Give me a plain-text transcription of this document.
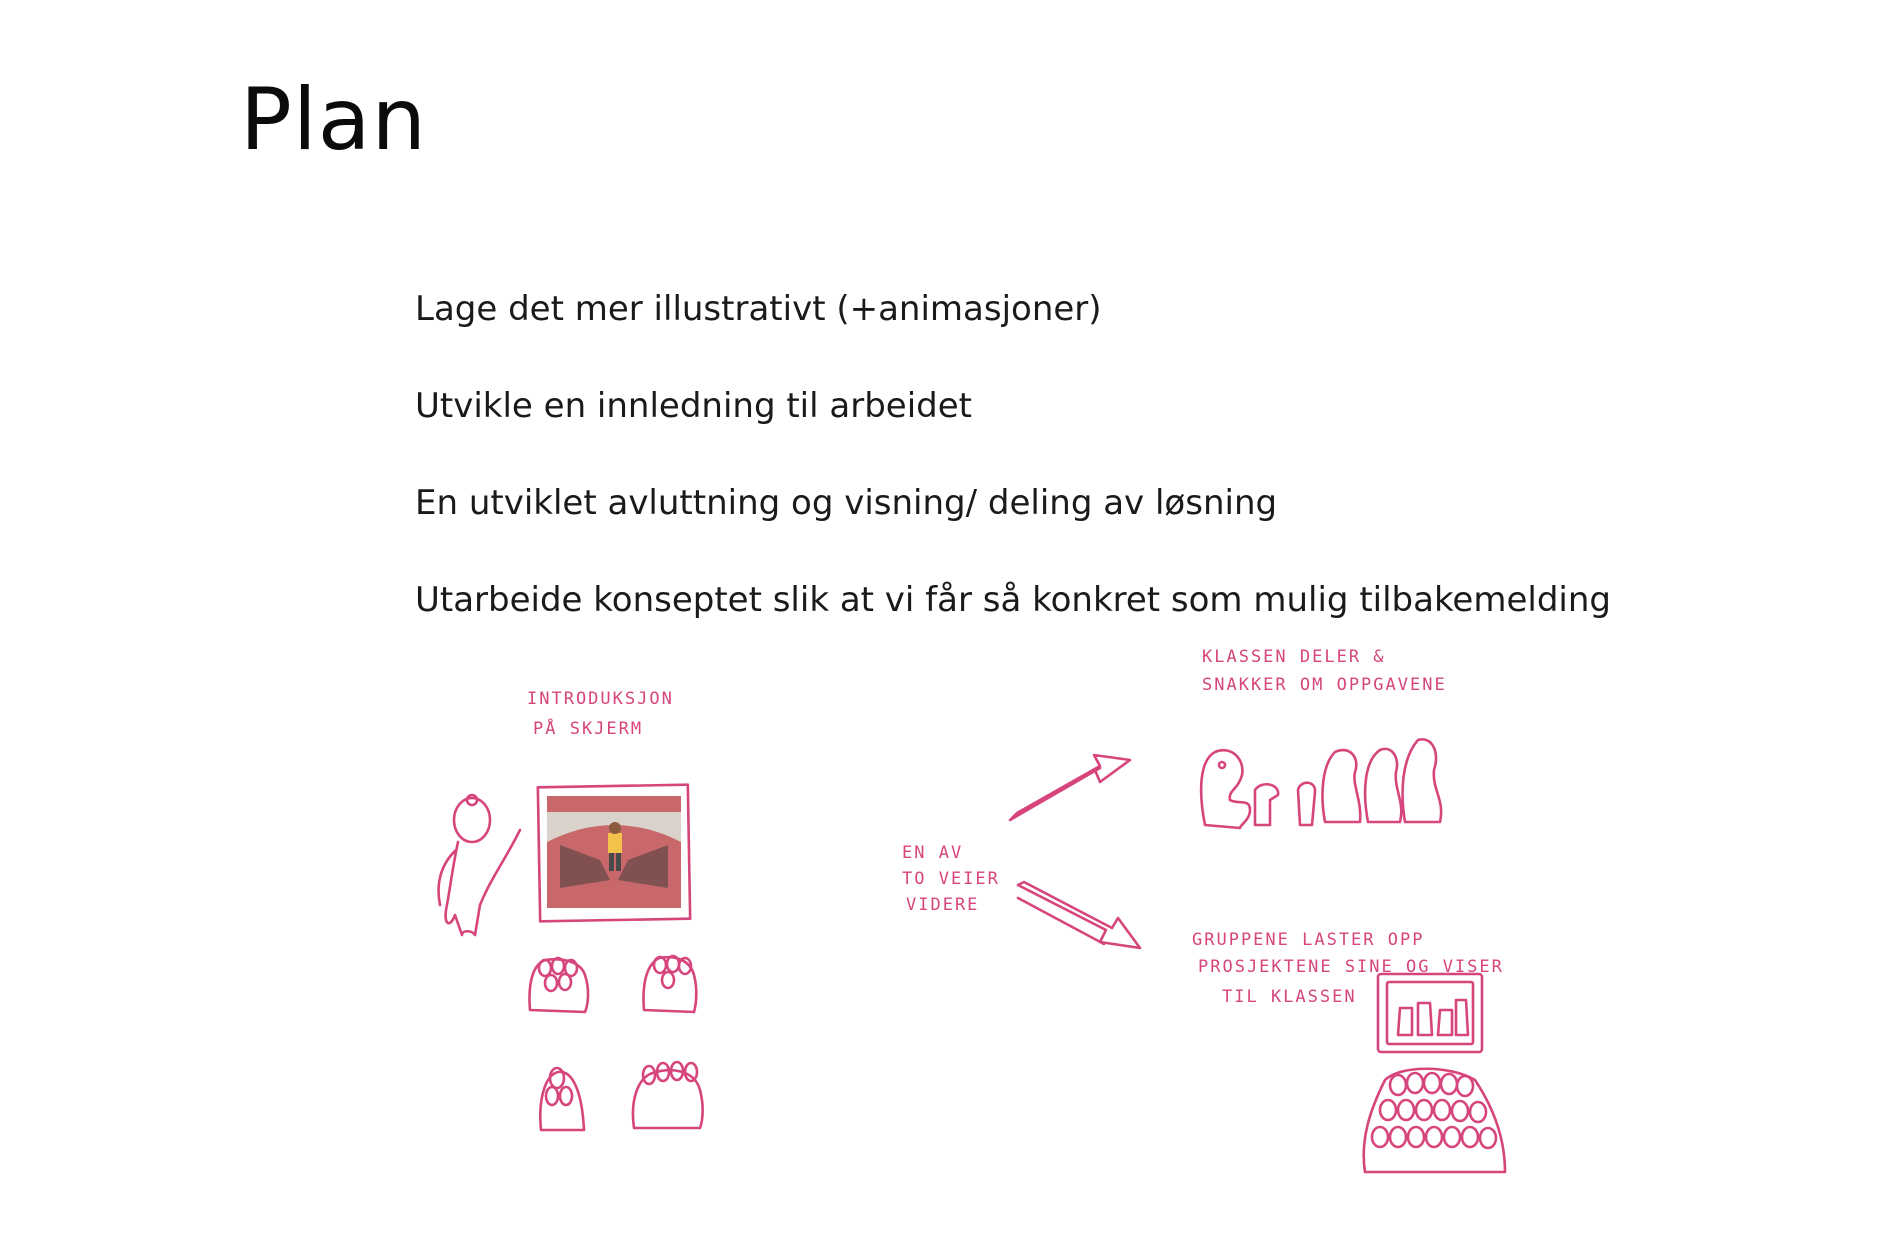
Plan
Lage det mer illustrativt (+animasjoner)
Utvikle en innledning til arbeidet
En utviklet avluttning og visning/ deling av løsning
Utarbeide konseptet slik at vi får så konkret som mulig tilbakemelding
INTRODUKSJON
PÅ SKJERM
EN AV
TO VEIER
VIDERE
KLASSEN DELER &
SNAKKER OM OPPGAVENE
GRUPPENE LASTER OPP
PROSJEKTENE SINE OG VISER
TIL KLASSEN
